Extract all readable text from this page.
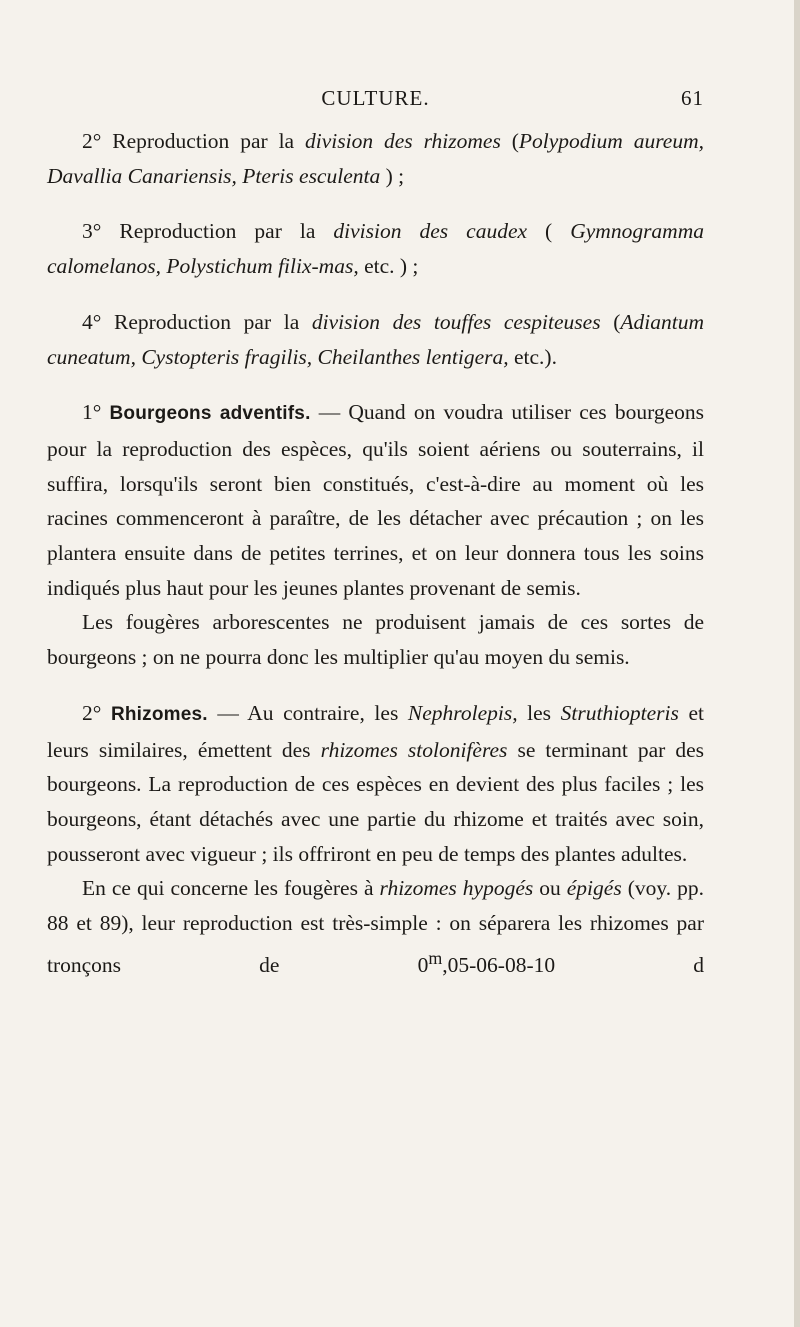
CULTURE.	61

2° Reproduction par la division des rhizomes (Polypodium aureum, Davallia Canariensis, Pteris esculenta ) ;

3° Reproduction par la division des caudex ( Gymnogramma calomelanos, Polystichum filix-mas, etc. ) ;

4° Reproduction par la division des touffes cespiteuses (Adiantum cuneatum, Cystopteris fragilis, Cheilanthes lentigera, etc.).

1° Bourgeons adventifs. — Quand on voudra utiliser ces bourgeons pour la reproduction des espèces, qu'ils soient aériens ou souterrains, il suffira, lorsqu'ils seront bien constitués, c'est-à-dire au moment où les racines commenceront à paraître, de les détacher avec précaution ; on les plantera ensuite dans de petites terrines, et on leur donnera tous les soins indiqués plus haut pour les jeunes plantes provenant de semis.

Les fougères arborescentes ne produisent jamais de ces sortes de bourgeons ; on ne pourra donc les multiplier qu'au moyen du semis.

2° Rhizomes. — Au contraire, les Nephrolepis, les Struthiopteris et leurs similaires, émettent des rhizomes stolonifères se terminant par des bourgeons. La reproduction de ces espèces en devient des plus faciles ; les bourgeons, étant détachés avec une partie du rhizome et traités avec soin, pousseront avec vigueur ; ils offriront en peu de temps des plantes adultes.

En ce qui concerne les fougères à rhizomes hypogés ou épigés (voy. pp. 88 et 89), leur reproduction est très-simple : on séparera les rhizomes par tronçons de 0$^m$,05-06-08-10 d
